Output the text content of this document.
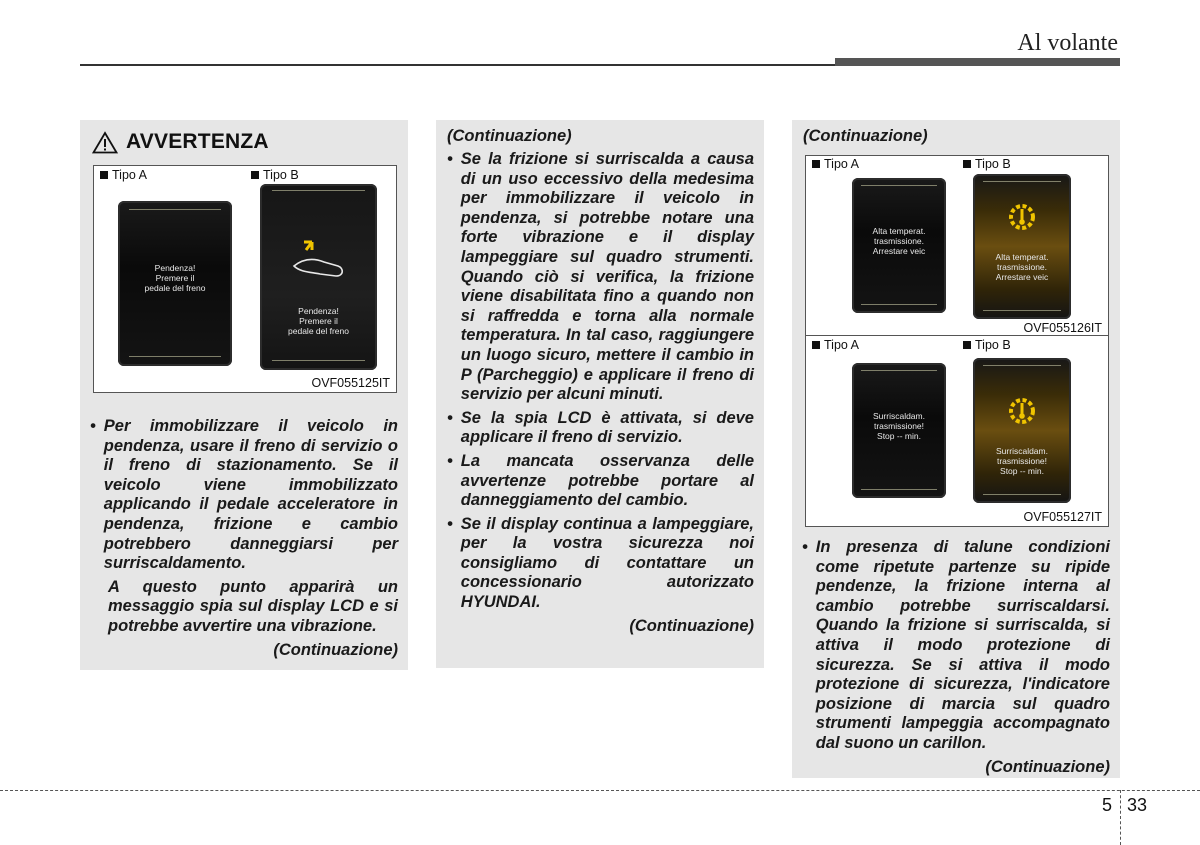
Al volante
AVVERTENZA
Tipo A	Tipo B
Pendenza!
Premere il
pedale del freno
Pendenza!
Premere il
pedale del freno
OVF055125IT
• Per immobilizzare il veicolo in pendenza, usare il freno di servizio o il freno di stazionamento. Se il veicolo viene immobilizzato applicando il pedale acceleratore in pendenza, frizione e cambio potrebbero danneggiarsi per surriscaldamento.
A questo punto apparirà un messaggio spia sul display LCD e si potrebbe avvertire una vibrazione.
(Continuazione)
(Continuazione)
• Se la frizione si surriscalda a causa di un uso eccessivo della medesima per immobilizzare il veicolo in pendenza, si potrebbe notare una forte vibrazione e il display lampeggiare sul quadro strumenti. Quando ciò si verifica, la frizione viene disabilitata fino a quando non si raffredda e torna alla normale temperatura. In tal caso, raggiungere un luogo sicuro, mettere il cambio in P (Parcheggio) e applicare il freno di servizio per alcuni minuti.
• Se la spia LCD è attivata, si deve applicare il freno di servizio.
• La mancata osservanza delle avvertenze potrebbe portare al danneggiamento del cambio.
• Se il display continua a lampeggiare, per la vostra sicurezza noi consigliamo di contattare un concessionario autorizzato HYUNDAI.
(Continuazione)
(Continuazione)
Tipo A	Tipo B
Alta temperat.
trasmissione.
Arrestare veic
Alta temperat.
trasmissione.
Arrestare veic
OVF055126IT
Tipo A	Tipo B
Surriscaldam.
trasmissione!
Stop -- min.
Surriscaldam.
trasmissione!
Stop -- min.
OVF055127IT
• In presenza di talune condizioni come ripetute partenze su ripide pendenze, la frizione interna al cambio potrebbe surriscaldarsi. Quando la frizione si surriscalda, si attiva il modo protezione di sicurezza. Se si attiva il modo protezione di sicurezza, l'indicatore posizione di marcia sul quadro strumenti lampeggia accompagnato dal suono un carillon.
(Continuazione)
5 33
